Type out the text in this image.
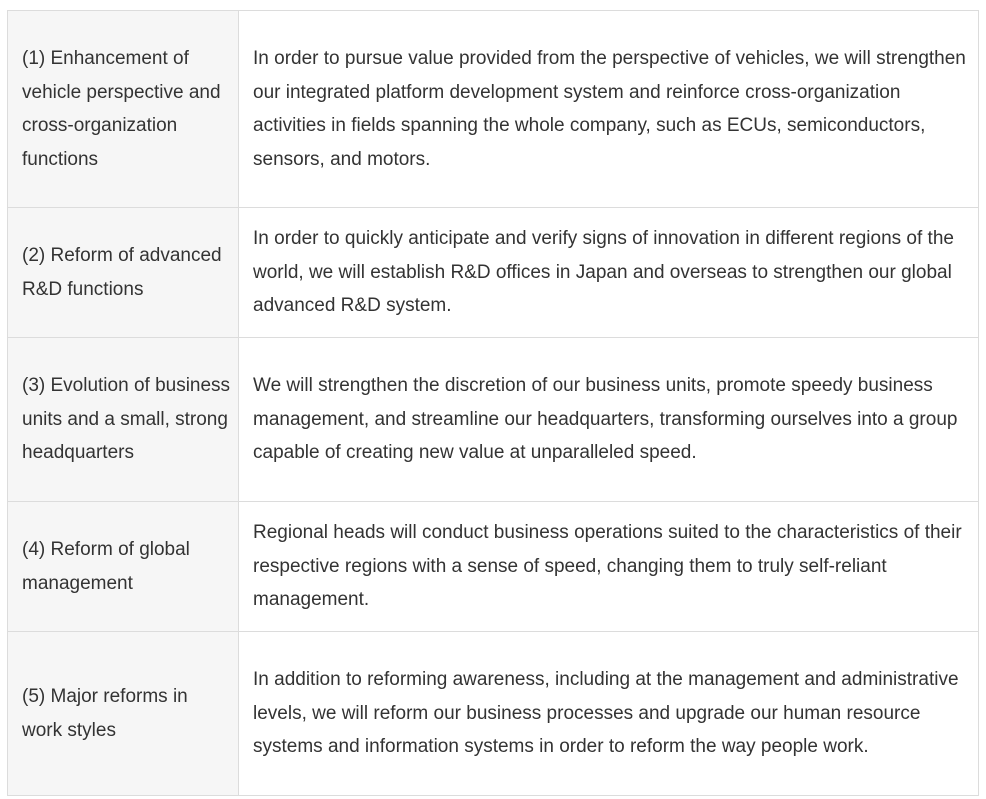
(1) Enhancement of vehicle perspective and cross-organization functions	In order to pursue value provided from the perspective of vehicles, we will strengthen our integrated platform development system and reinforce cross-organization activities in fields spanning the whole company, such as ECUs, semiconductors, sensors, and motors.
(2) Reform of advanced R&D functions	In order to quickly anticipate and verify signs of innovation in different regions of the world, we will establish R&D offices in Japan and overseas to strengthen our global advanced R&D system.
(3) Evolution of business units and a small, strong headquarters	We will strengthen the discretion of our business units, promote speedy business management, and streamline our headquarters, transforming ourselves into a group capable of creating new value at unparalleled speed.
(4) Reform of global management	Regional heads will conduct business operations suited to the characteristics of their respective regions with a sense of speed, changing them to truly self-reliant management.
(5) Major reforms in work styles	In addition to reforming awareness, including at the management and administrative levels, we will reform our business processes and upgrade our human resource systems and information systems in order to reform the way people work.
